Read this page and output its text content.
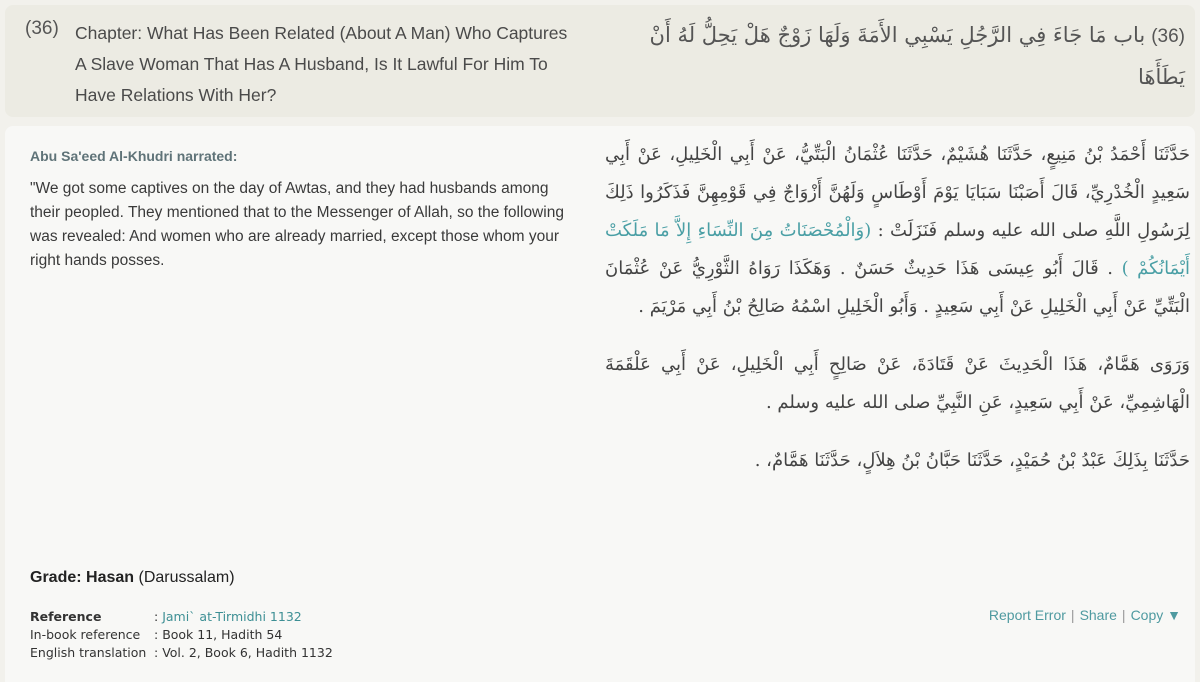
(36) Chapter: What Has Been Related (About A Man) Who Captures A Slave Woman That Has A Husband, Is It Lawful For Him To Have Relations With Her?
(36)باب مَا جَاءَ فِي الرَّجُلِ يَسْبِي الأَمَةَ وَلَهَا زَوْجٌ هَلْ يَحِلُّ لَهُ أَنْ يَطَأَهَا
Abu Sa'eed Al-Khudri narrated:
"We got some captives on the day of Awtas, and they had husbands among their peopled. They mentioned that to the Messenger of Allah, so the following was revealed: And women who are already married, except those whom your right hands posses.

حَدَّثَنَا أَحْمَدُ بْنُ مَنِيعٍ، حَدَّثَنَا هُشَيْمٌ، حَدَّثَنَا عُثْمَانُ الْبَتِّيُّ، عَنْ أَبِي الْخَلِيلِ، عَنْ أَبِي سَعِيدٍ الْخُدْرِيِّ، قَالَ أَصَبْنَا سَبَايَا يَوْمَ أَوْطَاسٍ وَلَهُنَّ أَزْوَاجٌ فِي قَوْمِهِنَّ فَذَكَرُوا ذَلِكَ لِرَسُولِ اللَّهِ صلى الله عليه وسلم فَنَزَلَتْ : (وَالْمُحْصَنَاتُ مِنَ النِّسَاءِ إِلاَّ مَا مَلَكَتْ أَيْمَانُكُمْ ) . قَالَ أَبُو عِيسَى هَذَا حَدِيثٌ حَسَنٌ . وَهَكَذَا رَوَاهُ الثَّوْرِيُّ عَنْ عُثْمَانَ الْبَتِّيِّ عَنْ أَبِي الْخَلِيلِ عَنْ أَبِي سَعِيدٍ . وَأَبُو الْخَلِيلِ اسْمُهُ صَالِحُ بْنُ أَبِي مَرْيَمَ .

وَرَوَى هَمَّامٌ، هَذَا الْحَدِيثَ عَنْ قَتَادَةَ، عَنْ صَالِحٍ أَبِي الْخَلِيلِ، عَنْ أَبِي عَلْقَمَةَ الْهَاشِمِيِّ، عَنْ أَبِي سَعِيدٍ، عَنِ النَّبِيِّ صلى الله عليه وسلم .

حَدَّثَنَا بِذَلِكَ عَبْدُ بْنُ حُمَيْدٍ، حَدَّثَنَا حَبَّانُ بْنُ هِلاَلٍ، حَدَّثَنَا هَمَّامٌ، .

Grade: Hasan (Darussalam)
Reference	: Jami` at-Tirmidhi 1132
In-book reference	: Book 11, Hadith 54
English translation	: Vol. 2, Book 6, Hadith 1132
Report Error | Share | Copy ▼
